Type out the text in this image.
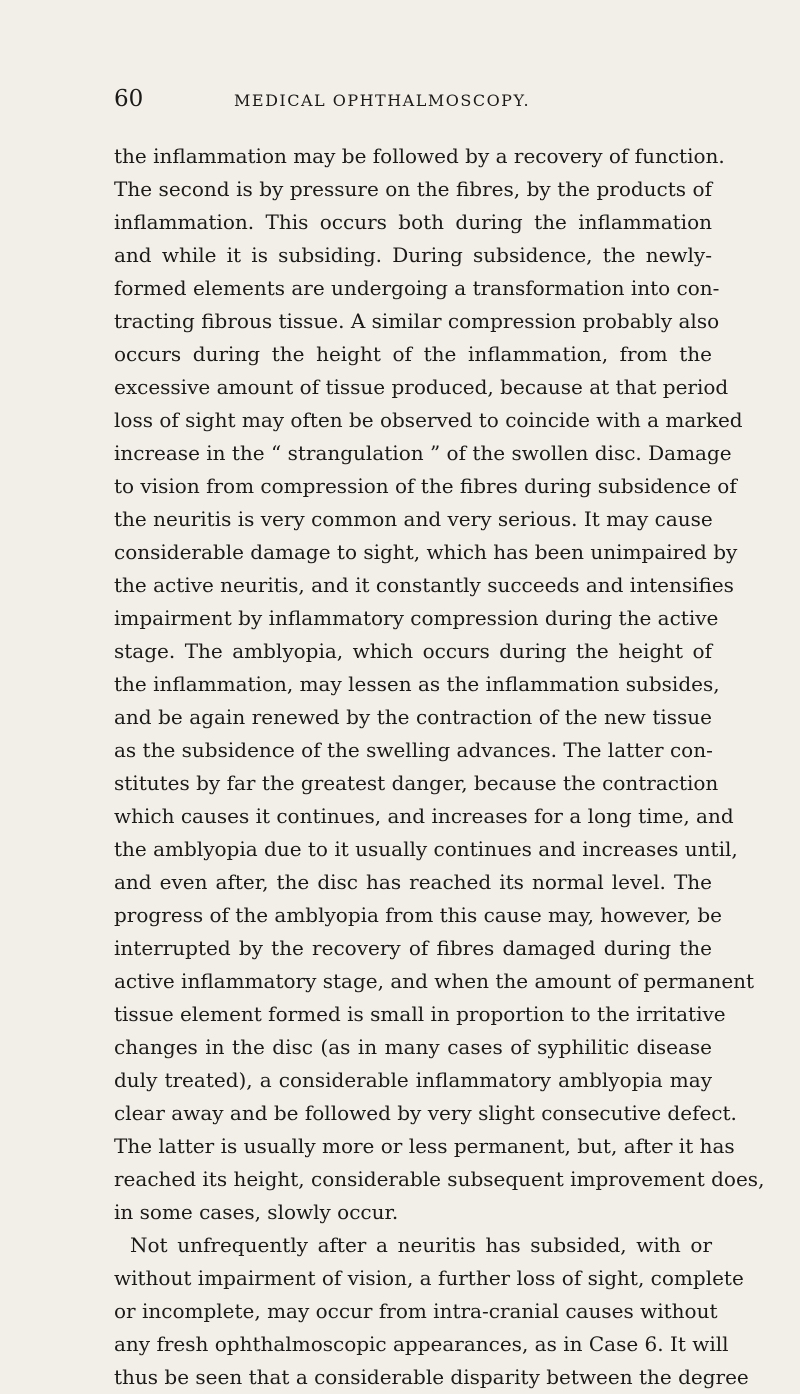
60	MEDICAL OPHTHALMOSCOPY.
the inflammation may be followed by a recovery of function.
The second is by pressure on the fibres, by the products of
inflammation. This occurs both during the inflammation
and while it is subsiding. During subsidence, the newly-
formed elements are undergoing a transformation into con-
tracting fibrous tissue. A similar compression probably also
occurs during the height of the inflammation, from the
excessive amount of tissue produced, because at that period
loss of sight may often be observed to coincide with a marked
increase in the “ strangulation ” of the swollen disc. Damage
to vision from compression of the fibres during subsidence of
the neuritis is very common and very serious. It may cause
considerable damage to sight, which has been unimpaired by
the active neuritis, and it constantly succeeds and intensifies
impairment by inflammatory compression during the active
stage. The amblyopia, which occurs during the height of
the inflammation, may lessen as the inflammation subsides,
and be again renewed by the contraction of the new tissue
as the subsidence of the swelling advances. The latter con-
stitutes by far the greatest danger, because the contraction
which causes it continues, and increases for a long time, and
the amblyopia due to it usually continues and increases until,
and even after, the disc has reached its normal level. The
progress of the amblyopia from this cause may, however, be
interrupted by the recovery of fibres damaged during the
active inflammatory stage, and when the amount of permanent
tissue element formed is small in proportion to the irritative
changes in the disc (as in many cases of syphilitic disease
duly treated), a considerable inflammatory amblyopia may
clear away and be followed by very slight consecutive defect.
The latter is usually more or less permanent, but, after it has
reached its height, considerable subsequent improvement does,
in some cases, slowly occur.
Not unfrequently after a neuritis has subsided, with or
without impairment of vision, a further loss of sight, complete
or incomplete, may occur from intra-cranial causes without
any fresh ophthalmoscopic appearances, as in Case 6. It will
thus be seen that a considerable disparity between the degree
